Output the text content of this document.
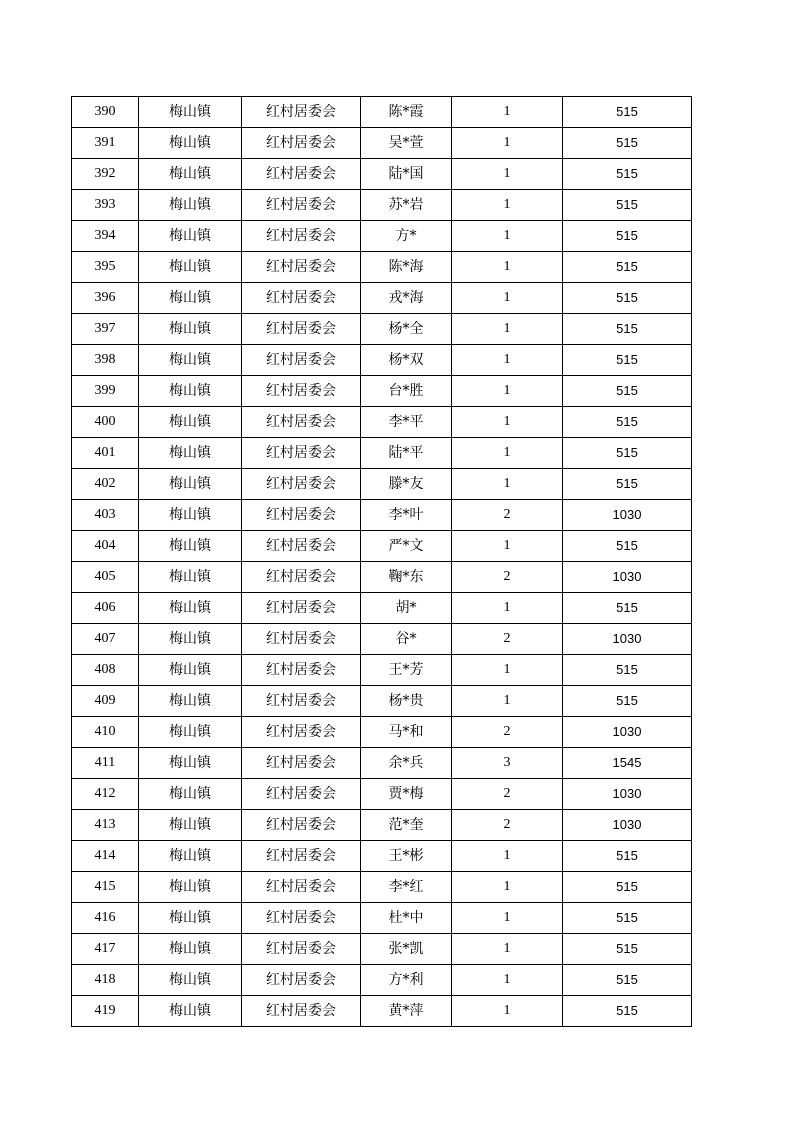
390	梅山镇	红村居委会	陈*霞	1	515
391	梅山镇	红村居委会	吴*萱	1	515
392	梅山镇	红村居委会	陆*国	1	515
393	梅山镇	红村居委会	苏*岩	1	515
394	梅山镇	红村居委会	方*	1	515
395	梅山镇	红村居委会	陈*海	1	515
396	梅山镇	红村居委会	戎*海	1	515
397	梅山镇	红村居委会	杨*全	1	515
398	梅山镇	红村居委会	杨*双	1	515
399	梅山镇	红村居委会	台*胜	1	515
400	梅山镇	红村居委会	李*平	1	515
401	梅山镇	红村居委会	陆*平	1	515
402	梅山镇	红村居委会	滕*友	1	515
403	梅山镇	红村居委会	李*叶	2	1030
404	梅山镇	红村居委会	严*文	1	515
405	梅山镇	红村居委会	鞠*东	2	1030
406	梅山镇	红村居委会	胡*	1	515
407	梅山镇	红村居委会	谷*	2	1030
408	梅山镇	红村居委会	王*芳	1	515
409	梅山镇	红村居委会	杨*贵	1	515
410	梅山镇	红村居委会	马*和	2	1030
411	梅山镇	红村居委会	余*兵	3	1545
412	梅山镇	红村居委会	贾*梅	2	1030
413	梅山镇	红村居委会	范*奎	2	1030
414	梅山镇	红村居委会	王*彬	1	515
415	梅山镇	红村居委会	李*红	1	515
416	梅山镇	红村居委会	杜*中	1	515
417	梅山镇	红村居委会	张*凯	1	515
418	梅山镇	红村居委会	方*利	1	515
419	梅山镇	红村居委会	黄*萍	1	515
